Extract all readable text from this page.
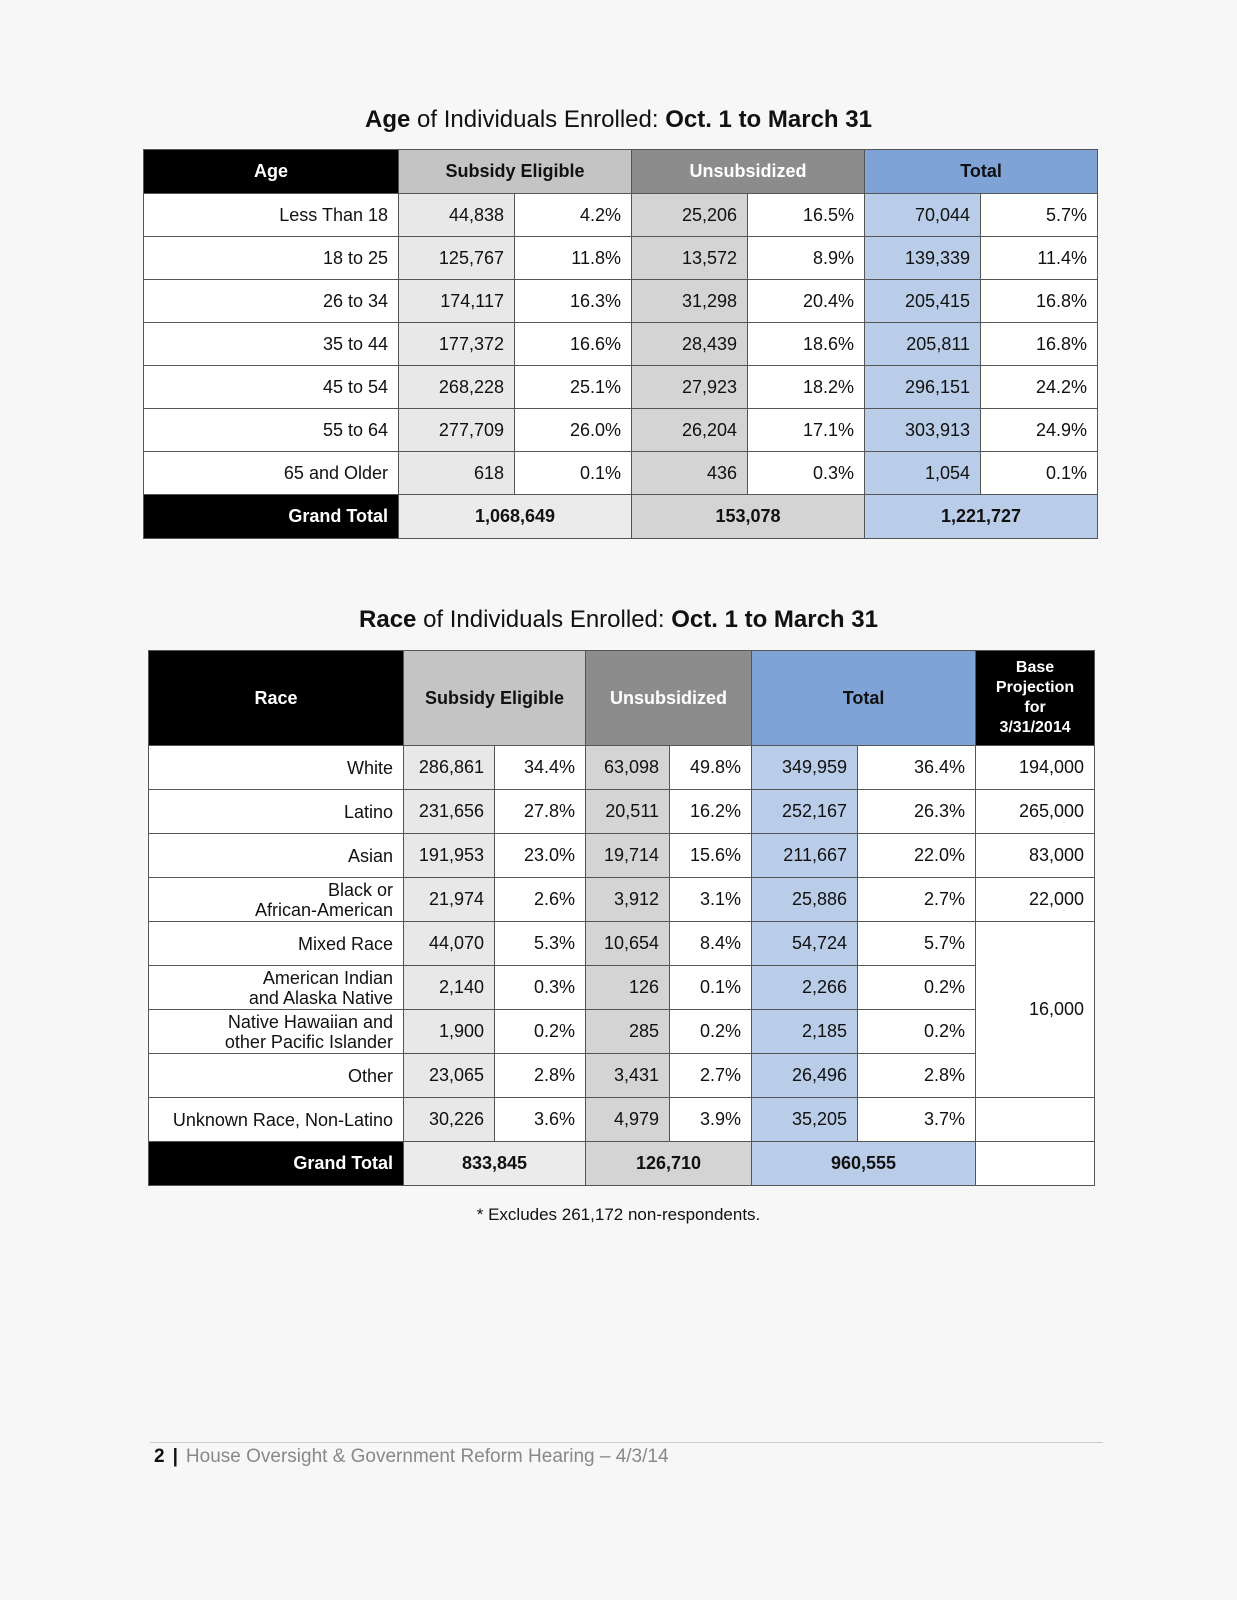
Age of Individuals Enrolled: Oct. 1 to March 31
Age	Subsidy Eligible		Unsubsidized		Total	
Less Than 18	44,838	4.2%	25,206	16.5%	70,044	5.7%
18 to 25	125,767	11.8%	13,572	8.9%	139,339	11.4%
26 to 34	174,117	16.3%	31,298	20.4%	205,415	16.8%
35 to 44	177,372	16.6%	28,439	18.6%	205,811	16.8%
45 to 54	268,228	25.1%	27,923	18.2%	296,151	24.2%
55 to 64	277,709	26.0%	26,204	17.1%	303,913	24.9%
65 and Older	618	0.1%	436	0.3%	1,054	0.1%
Grand Total	1,068,649		153,078		1,221,727	
Race of Individuals Enrolled: Oct. 1 to March 31
Race	Subsidy Eligible		Unsubsidized		Total		Base
Projection
for
3/31/2014

White	286,861	34.4%	63,098	49.8%	349,959	36.4%	194,000

Latino	231,656	27.8%	20,511	16.2%	252,167	26.3%	265,000

Asian	191,953	23.0%	19,714	15.6%	211,667	22.0%	83,000

Black or
African-American	21,974	2.6%	3,912	3.1%	25,886	2.7%	22,000

Mixed Race	44,070	5.3%	10,654	8.4%	54,724	5.7%	16,000

American Indian
and Alaska Native	2,140	0.3%	126	0.1%	2,266	0.2%	

Native Hawaiian and
other Pacific Islander	1,900	0.2%	285	0.2%	2,185	0.2%	

Other	23,065	2.8%	3,431	2.7%	26,496	2.8%	

Unknown Race, Non-Latino	30,226	3.6%	4,979	3.9%	35,205	3.7%	
Grand Total	833,845		126,710		960,555		
* Excludes 261,172 non-respondents.
2 | House Oversight & Government Reform Hearing – 4/3/14
